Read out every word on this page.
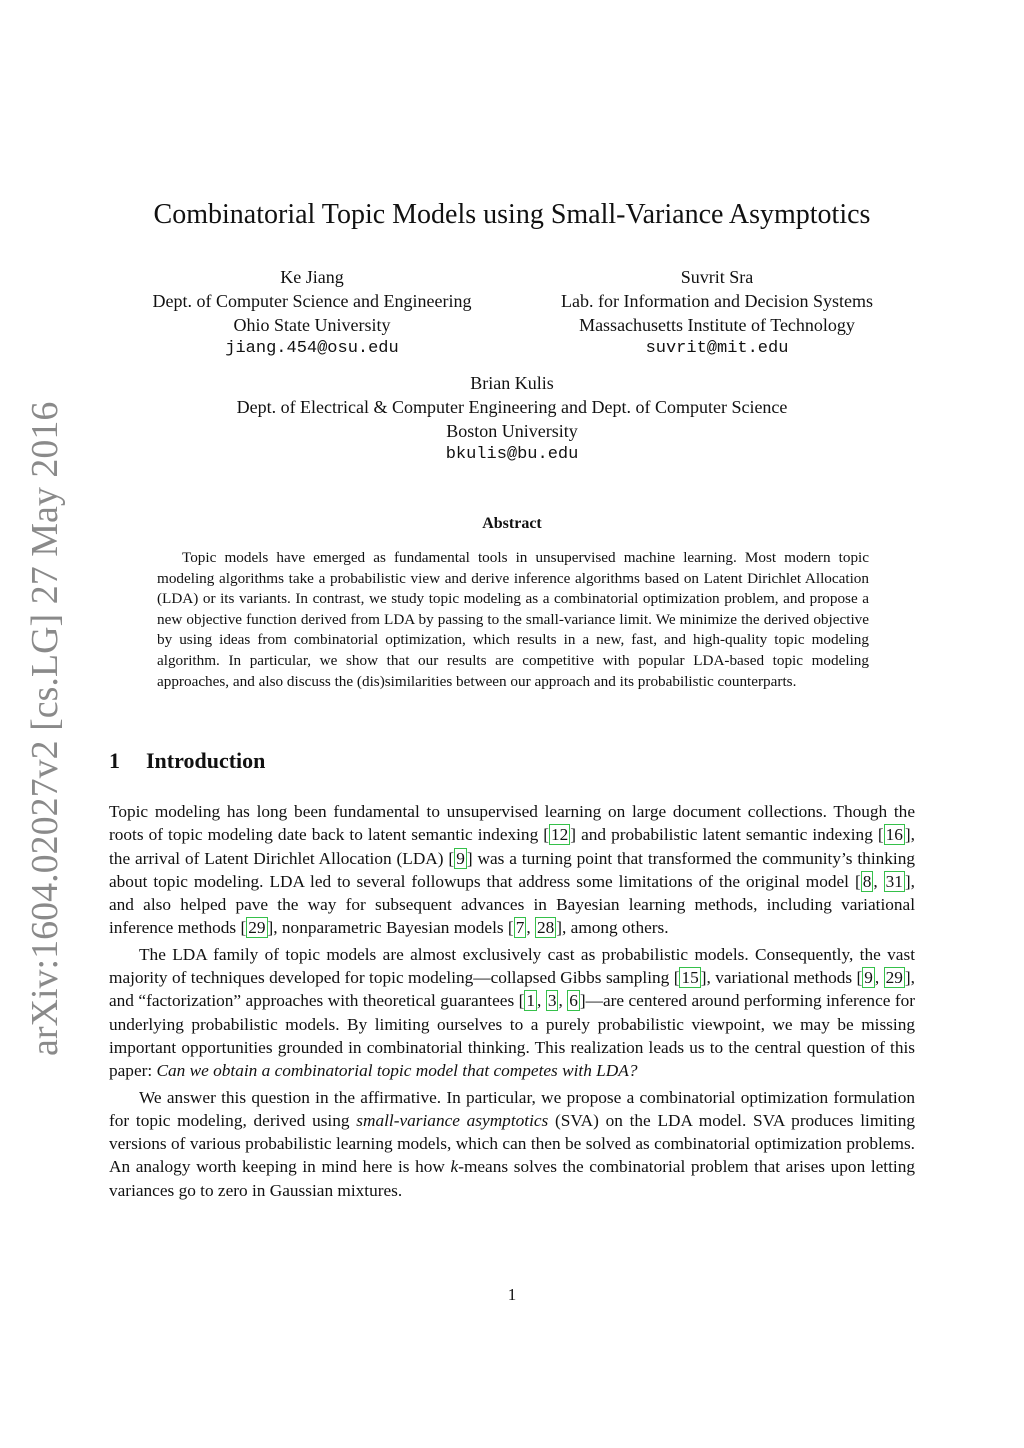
arXiv:1604.02027v2 [cs.LG] 27 May 2016
Combinatorial Topic Models using Small-Variance Asymptotics
Ke Jiang
Dept. of Computer Science and Engineering
Ohio State University
jiang.454@osu.edu
Suvrit Sra
Lab. for Information and Decision Systems
Massachusetts Institute of Technology
suvrit@mit.edu
Brian Kulis
Dept. of Electrical & Computer Engineering and Dept. of Computer Science
Boston University
bkulis@bu.edu
Abstract
Topic models have emerged as fundamental tools in unsupervised machine learning. Most modern topic modeling algorithms take a probabilistic view and derive inference algorithms based on Latent Dirichlet Allocation (LDA) or its variants. In contrast, we study topic modeling as a combinatorial optimization problem, and propose a new objective function derived from LDA by passing to the small-variance limit. We minimize the derived objective by using ideas from combinatorial optimization, which results in a new, fast, and high-quality topic modeling algorithm. In particular, we show that our results are competitive with popular LDA-based topic modeling approaches, and also discuss the (dis)similarities between our approach and its probabilistic counterparts.
1 Introduction

Topic modeling has long been fundamental to unsupervised learning on large document collections. Though the roots of topic modeling date back to latent semantic indexing [ 12 ] and probabilistic latent semantic indexing [ 16 ], the arrival of Latent Dirichlet Allocation (LDA) [ 9 ] was a turning point that transformed the community’s thinking about topic modeling. LDA led to several followups that address some limitations of the original model [ 8 , 31 ], and also helped pave the way for subsequent advances in Bayesian learning methods, including variational inference methods [ 29 ], nonparametric Bayesian models [ 7 , 28 ], among others.

The LDA family of topic models are almost exclusively cast as probabilistic models. Consequently, the vast majority of techniques developed for topic modeling—collapsed Gibbs sampling [ 15 ], variational methods [ 9 , 29 ], and “factorization” approaches with theoretical guarantees [ 1 , 3 , 6 ]—are centered around performing inference for underlying probabilistic models. By limiting ourselves to a purely probabilistic viewpoint, we may be missing important opportunities grounded in combinatorial thinking. This realization leads us to the central question of this paper: Can we obtain a combinatorial topic model that competes with LDA?

We answer this question in the affirmative. In particular, we propose a combinatorial optimization formulation for topic modeling, derived using small-variance asymptotics (SVA) on the LDA model. SVA produces limiting versions of various probabilistic learning models, which can then be solved as combinatorial optimization problems. An analogy worth keeping in mind here is how k-means solves the combinatorial problem that arises upon letting variances go to zero in Gaussian mixtures.

1
